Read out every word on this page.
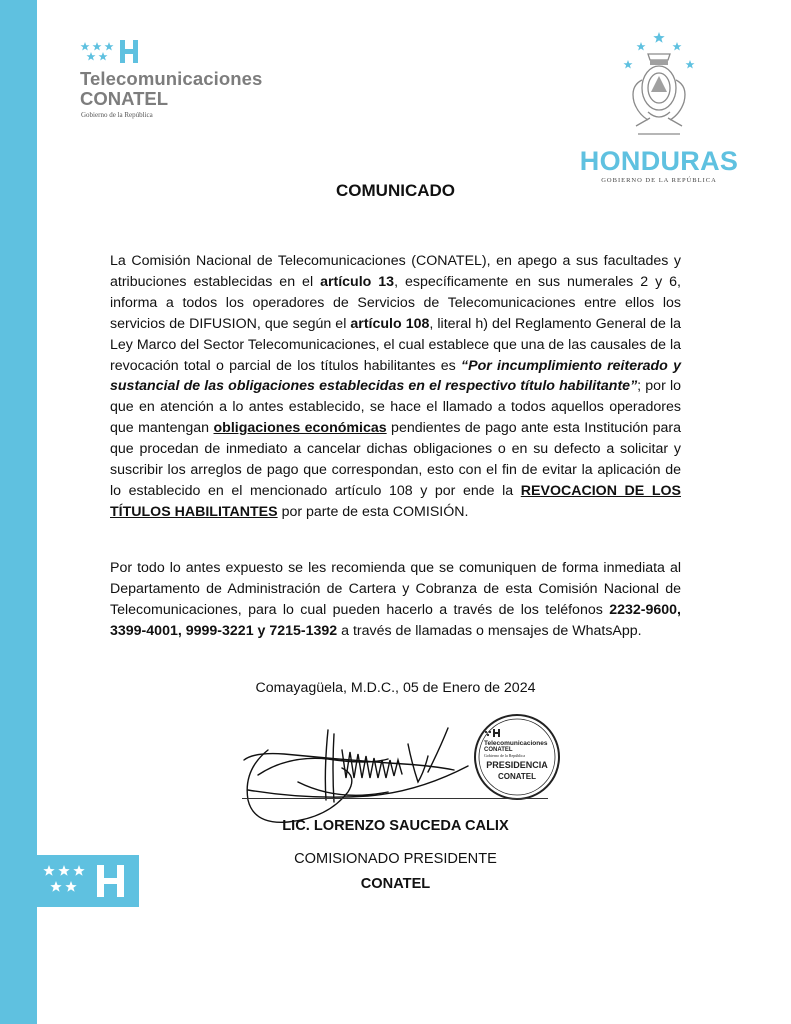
Telecomunicaciones
CONATEL
Gobierno de la República
HONDURAS
GOBIERNO DE LA REPÚBLICA
COMUNICADO
La Comisión Nacional de Telecomunicaciones (CONATEL), en apego a sus facultades y atribuciones establecidas en el artículo 13, específicamente en sus numerales 2 y 6, informa a todos los operadores de Servicios de Telecomunicaciones entre ellos los servicios de DIFUSION, que según el artículo 108, literal h) del Reglamento General de la Ley Marco del Sector Telecomunicaciones, el cual establece que una de las causales de la revocación total o parcial de los títulos habilitantes es “Por incumplimiento reiterado y sustancial de las obligaciones establecidas en el respectivo título habilitante”; por lo que en atención a lo antes establecido, se hace el llamado a todos aquellos operadores que mantengan obligaciones económicas pendientes de pago ante esta Institución para que procedan de inmediato a cancelar dichas obligaciones o en su defecto a solicitar y suscribir los arreglos de pago que correspondan, esto con el fin de evitar la aplicación de lo establecido en el mencionado artículo 108 y por ende la REVOCACION DE LOS TÍTULOS HABILITANTES por parte de esta COMISIÓN.
Por todo lo antes expuesto se les recomienda que se comuniquen de forma inmediata al Departamento de Administración de Cartera y Cobranza de esta Comisión Nacional de Telecomunicaciones, para lo cual pueden hacerlo a través de los teléfonos 2232-9600, 3399-4001, 9999-3221 y 7215-1392 a través de llamadas o mensajes de WhatsApp.
Comayagüela, M.D.C., 05 de Enero de 2024
Telecomunicaciones
CONATEL
Gobierno de la República
PRESIDENCIA
CONATEL
LIC. LORENZO SAUCEDA CALIX
COMISIONADO PRESIDENTE
CONATEL
